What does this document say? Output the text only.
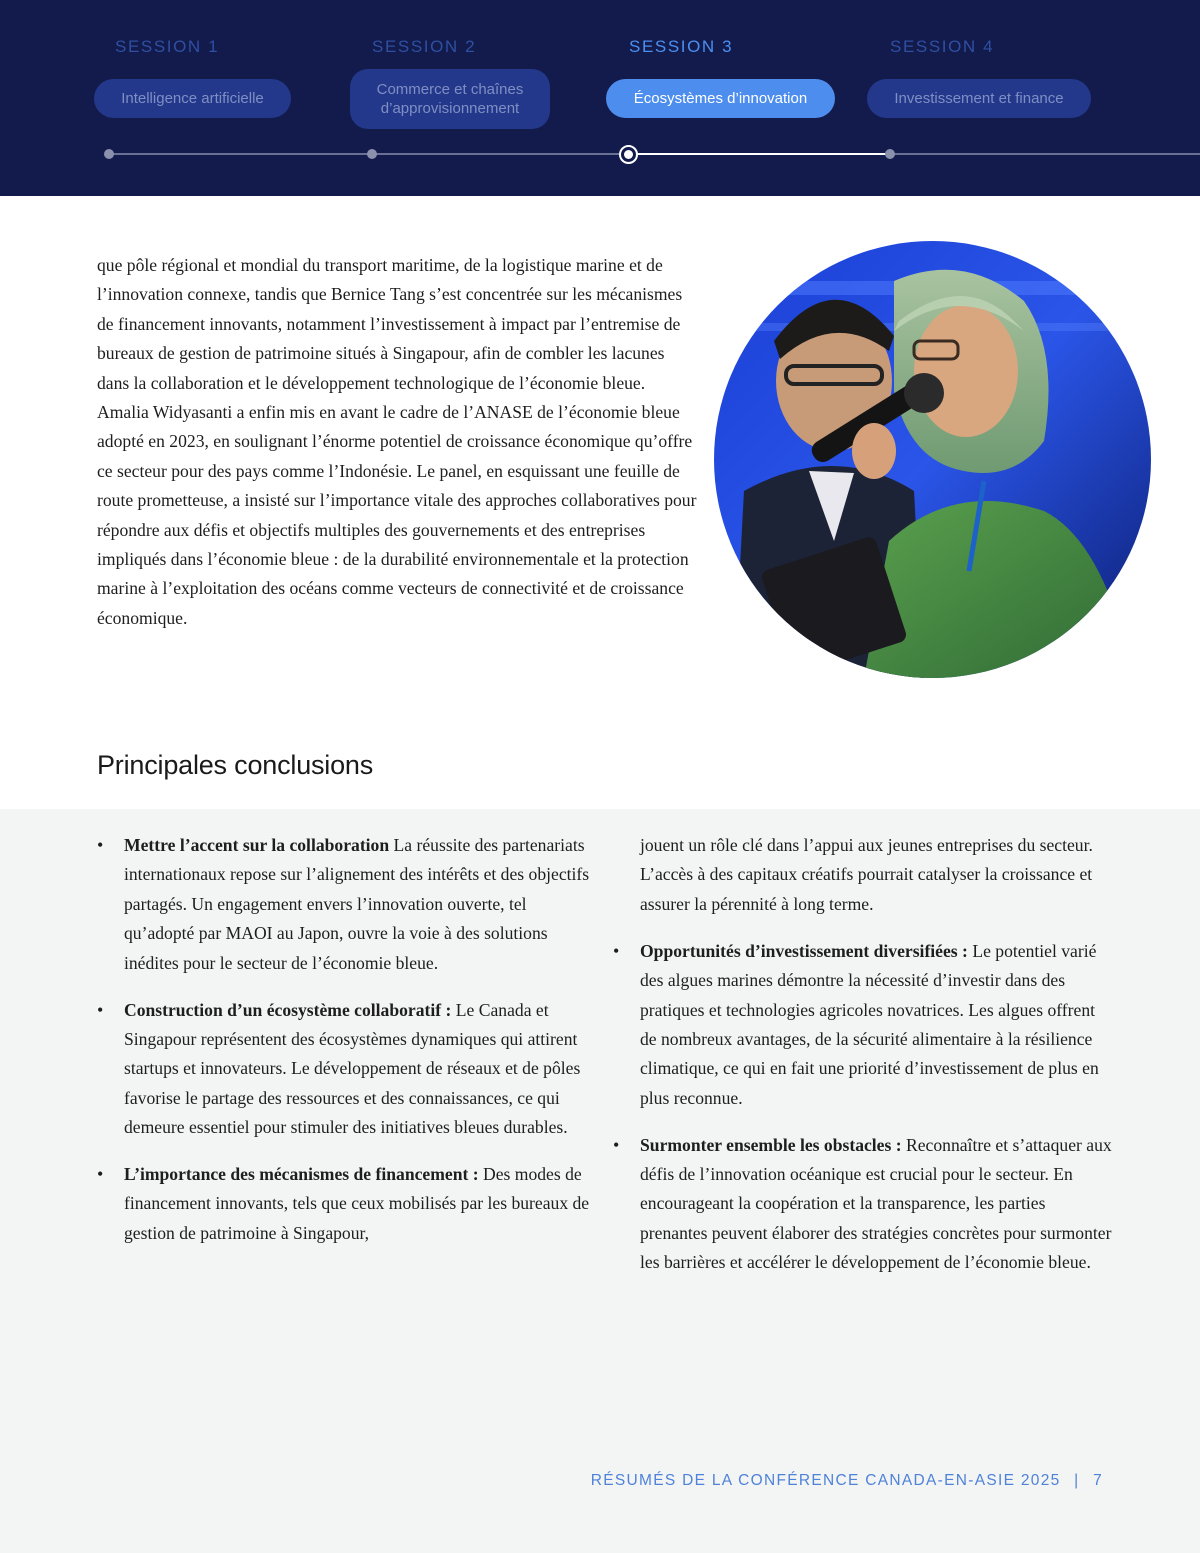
SESSION 1	SESSION 2	SESSION 3	SESSION 4
Intelligence artificielle
Commerce et chaînes
d’approvisionnement
Écosystèmes d’innovation	Investissement et finance

que pôle régional et mondial du transport maritime, de la logistique marine et de l’innovation connexe, tandis que Bernice Tang s’est concentrée sur les mécanismes de financement innovants, notamment l’investissement à impact par l’entremise de bureaux de gestion de patrimoine situés à Singapour, afin de combler les lacunes dans la collaboration et le développement technologique de l’économie bleue. Amalia Widyasanti a enfin mis en avant le cadre de l’ANASE de l’économie bleue adopté en 2023, en soulignant l’énorme potentiel de croissance économique qu’offre ce secteur pour des pays comme l’Indonésie. Le panel, en esquissant une feuille de route prometteuse, a insisté sur l’importance vitale des approches collaboratives pour répondre aux défis et objectifs multiples des gouvernements et des entreprises impliqués dans l’économie bleue : de la durabilité environnementale et la protection marine à l’exploitation des océans comme vecteurs de connectivité et de croissance économique.

Principales conclusions
• Mettre l’accent sur la collaboration La réussite des partenariats internationaux repose sur l’alignement des intérêts et des objectifs partagés. Un engagement envers l’innovation ouverte, tel qu’adopté par MAOI au Japon, ouvre la voie à des solutions inédites pour le secteur de l’économie bleue.
• Construction d’un écosystème collaboratif : Le Canada et Singapour représentent des écosystèmes dynamiques qui attirent startups et innovateurs. Le développement de réseaux et de pôles favorise le partage des ressources et des connaissances, ce qui demeure essentiel pour stimuler des initiatives bleues durables.
• L’importance des mécanismes de financement : Des modes de financement innovants, tels que ceux mobilisés par les bureaux de gestion de patrimoine à Singapour,
jouent un rôle clé dans l’appui aux jeunes entreprises du secteur. L’accès à des capitaux créatifs pourrait catalyser la croissance et assurer la pérennité à long terme.
• Opportunités d’investissement diversifiées : Le potentiel varié des algues marines démontre la nécessité d’investir dans des pratiques et technologies agricoles novatrices. Les algues offrent de nombreux avantages, de la sécurité alimentaire à la résilience climatique, ce qui en fait une priorité d’investissement de plus en plus reconnue.
• Surmonter ensemble les obstacles : Reconnaître et s’attaquer aux défis de l’innovation océanique est crucial pour le secteur. En encourageant la coopération et la transparence, les parties prenantes peuvent élaborer des stratégies concrètes pour surmonter les barrières et accélérer le développement de l’économie bleue.
RÉSUMÉS DE LA CONFÉRENCE CANADA-EN-ASIE 2025 | 7
